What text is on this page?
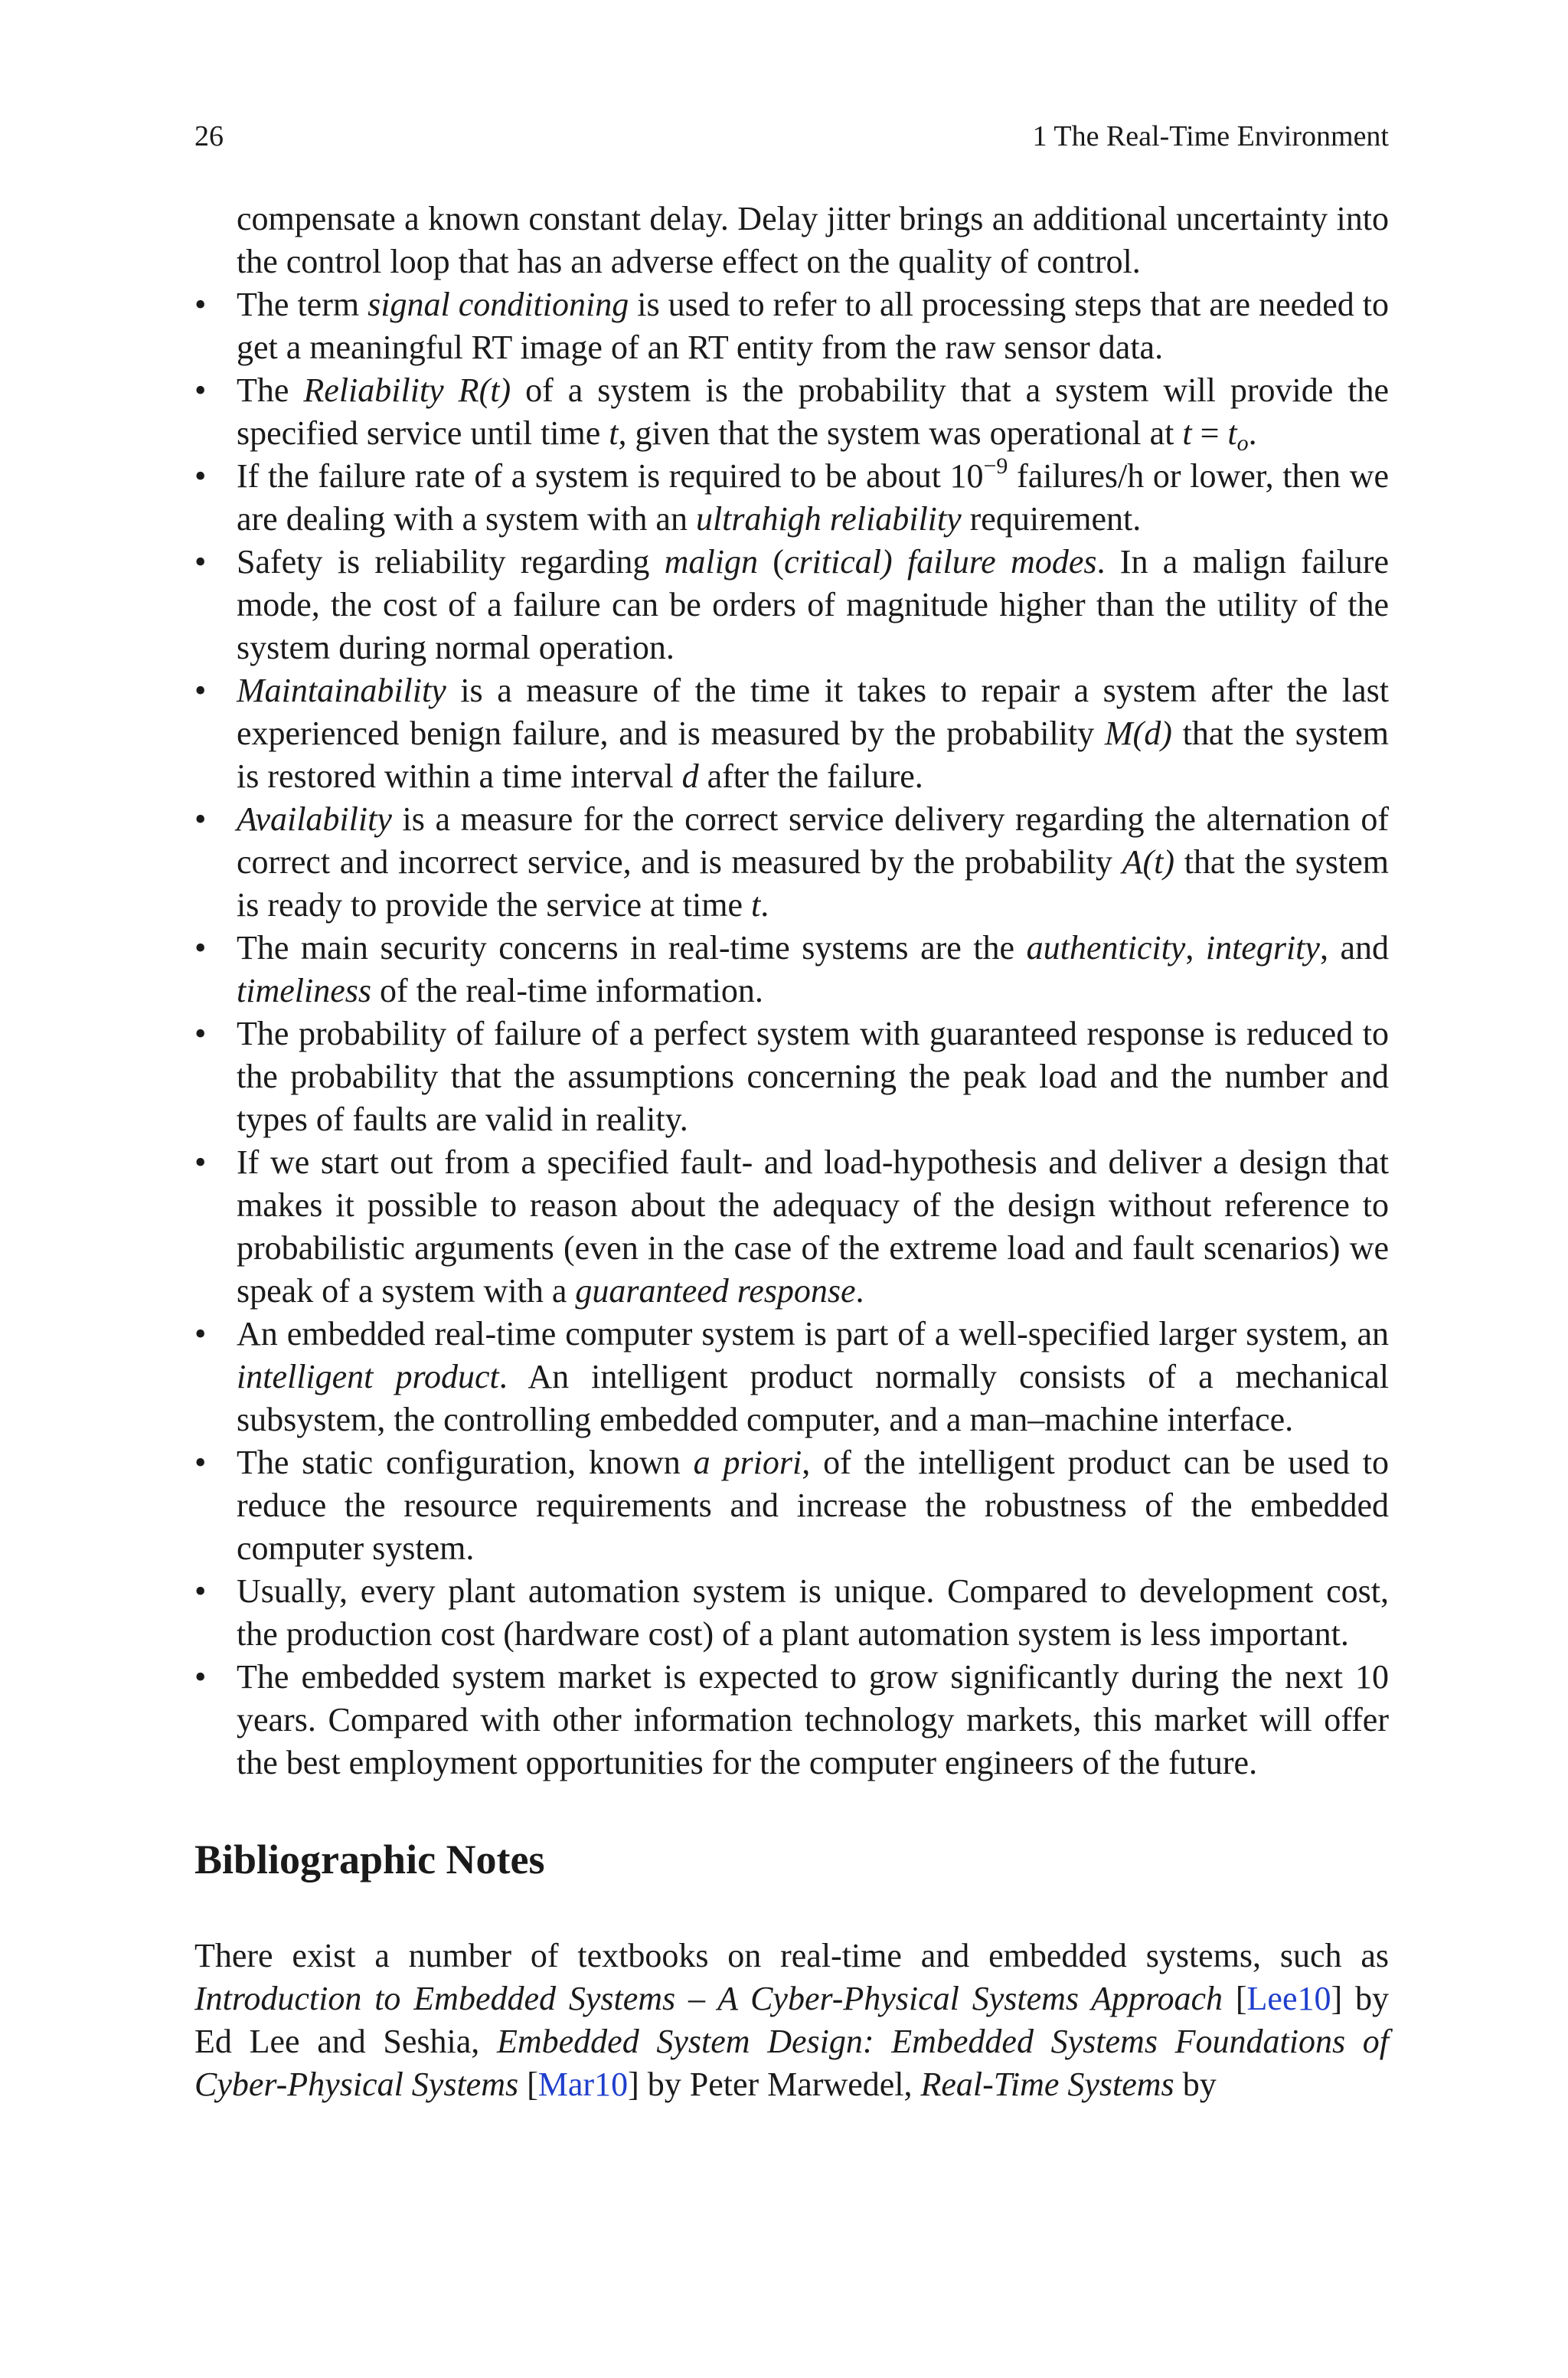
26	1 The Real-Time Environment

compensate a known constant delay. Delay jitter brings an additional uncertainty into the control loop that has an adverse effect on the quality of control.

• The term signal conditioning is used to refer to all processing steps that are needed to get a meaningful RT image of an RT entity from the raw sensor data.
• The Reliability R(t) of a system is the probability that a system will provide the specified service until time t, given that the system was operational at $t = t_o$.
• If the failure rate of a system is required to be about $10^{-9}$ failures/h or lower, then we are dealing with a system with an ultrahigh reliability requirement.
• Safety is reliability regarding malign (critical) failure modes. In a malign failure mode, the cost of a failure can be orders of magnitude higher than the utility of the system during normal operation.
• Maintainability is a measure of the time it takes to repair a system after the last experienced benign failure, and is measured by the probability M(d) that the system is restored within a time interval d after the failure.
• Availability is a measure for the correct service delivery regarding the alternation of correct and incorrect service, and is measured by the probability A(t) that the system is ready to provide the service at time t.
• The main security concerns in real-time systems are the authenticity, integrity, and timeliness of the real-time information.
• The probability of failure of a perfect system with guaranteed response is reduced to the probability that the assumptions concerning the peak load and the number and types of faults are valid in reality.
• If we start out from a specified fault- and load-hypothesis and deliver a design that makes it possible to reason about the adequacy of the design without reference to probabilistic arguments (even in the case of the extreme load and fault scenarios) we speak of a system with a guaranteed response.
• An embedded real-time computer system is part of a well-specified larger system, an intelligent product. An intelligent product normally consists of a mechanical subsystem, the controlling embedded computer, and a man–machine interface.
• The static configuration, known a priori, of the intelligent product can be used to reduce the resource requirements and increase the robustness of the embedded computer system.
• Usually, every plant automation system is unique. Compared to development cost, the production cost (hardware cost) of a plant automation system is less important.
• The embedded system market is expected to grow significantly during the next 10 years. Compared with other information technology markets, this market will offer the best employment opportunities for the computer engineers of the future.
Bibliographic Notes

There exist a number of textbooks on real-time and embedded systems, such as Introduction to Embedded Systems – A Cyber-Physical Systems Approach [Lee10] by Ed Lee and Seshia, Embedded System Design: Embedded Systems Foundations of Cyber-Physical Systems [Mar10] by Peter Marwedel, Real-Time Systems by
